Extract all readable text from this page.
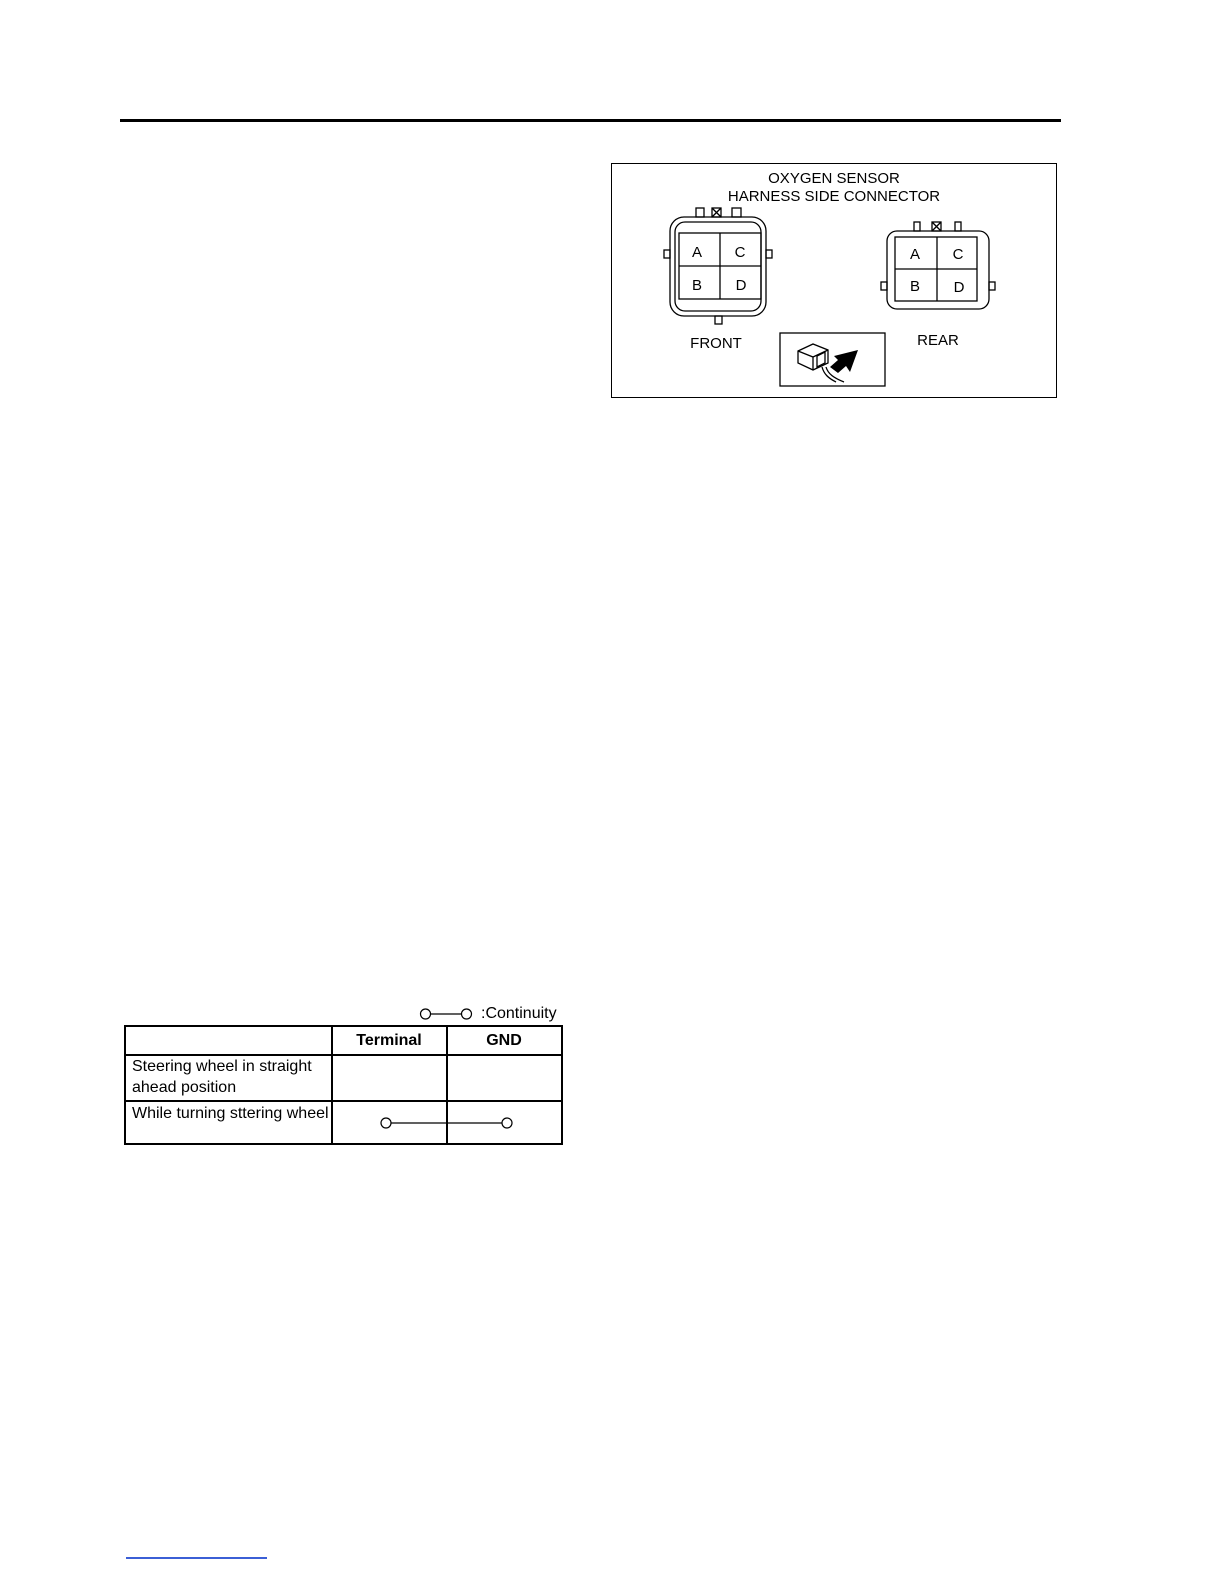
OXYGEN SENSOR
HARNESS SIDE CONNECTOR
A C
B D
FRONT
A C
B D
REAR
:Continuity
Terminal	GND
Steering wheel in straight ahead position
While turning sttering wheel
